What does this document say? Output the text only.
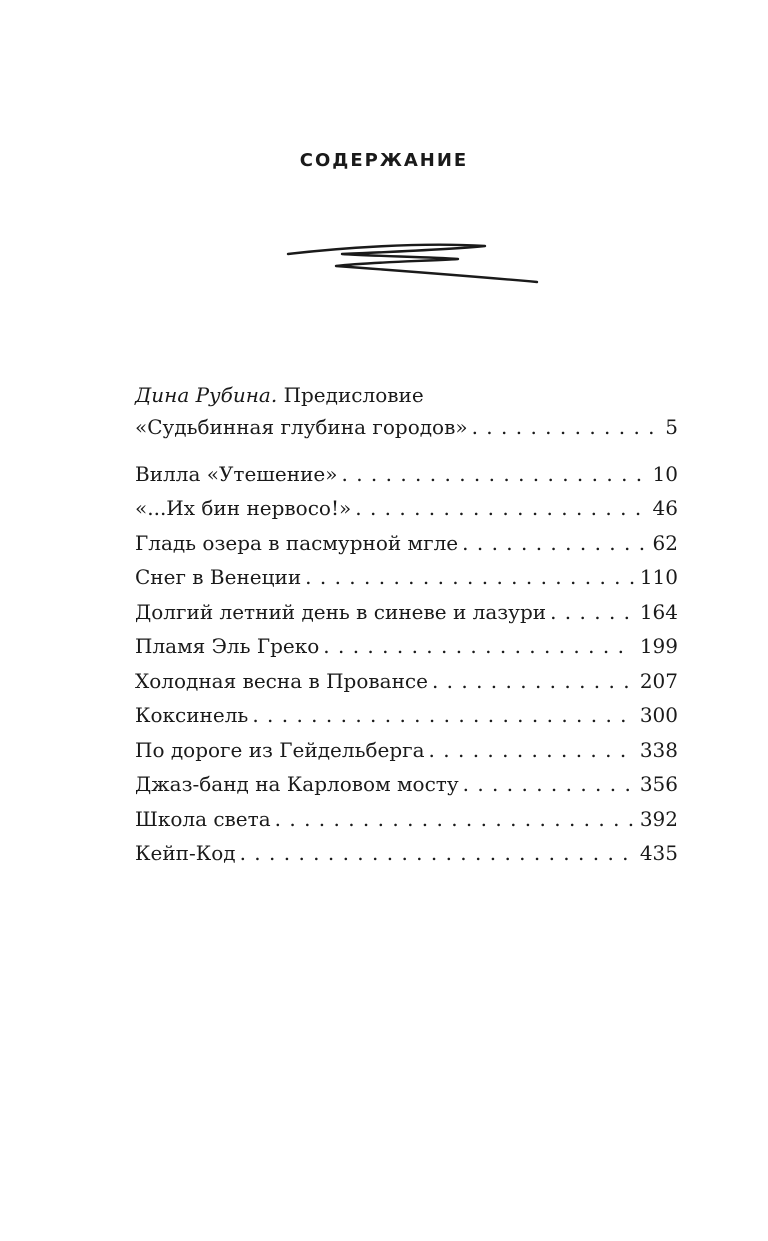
СОДЕРЖАНИЕ
Дина Рубина. Предисловие
«Судьбинная глубина городов» . . .	5
Вилла «Утешение» . . .	10
«...Их бин нервосо!» . . .	46
Гладь озера в пасмурной мгле . . .	62
Снег в Венеции . . .	110
Долгий летний день в синеве и лазури . . .	164
Пламя Эль Греко . . .	199
Холодная весна в Провансе . . .	207
Коксинель . . .	300
По дороге из Гейдельберга . . .	338
Джаз-банд на Карловом мосту . . .	356
Школа света . . .	392
Кейп-Код . . .	435
